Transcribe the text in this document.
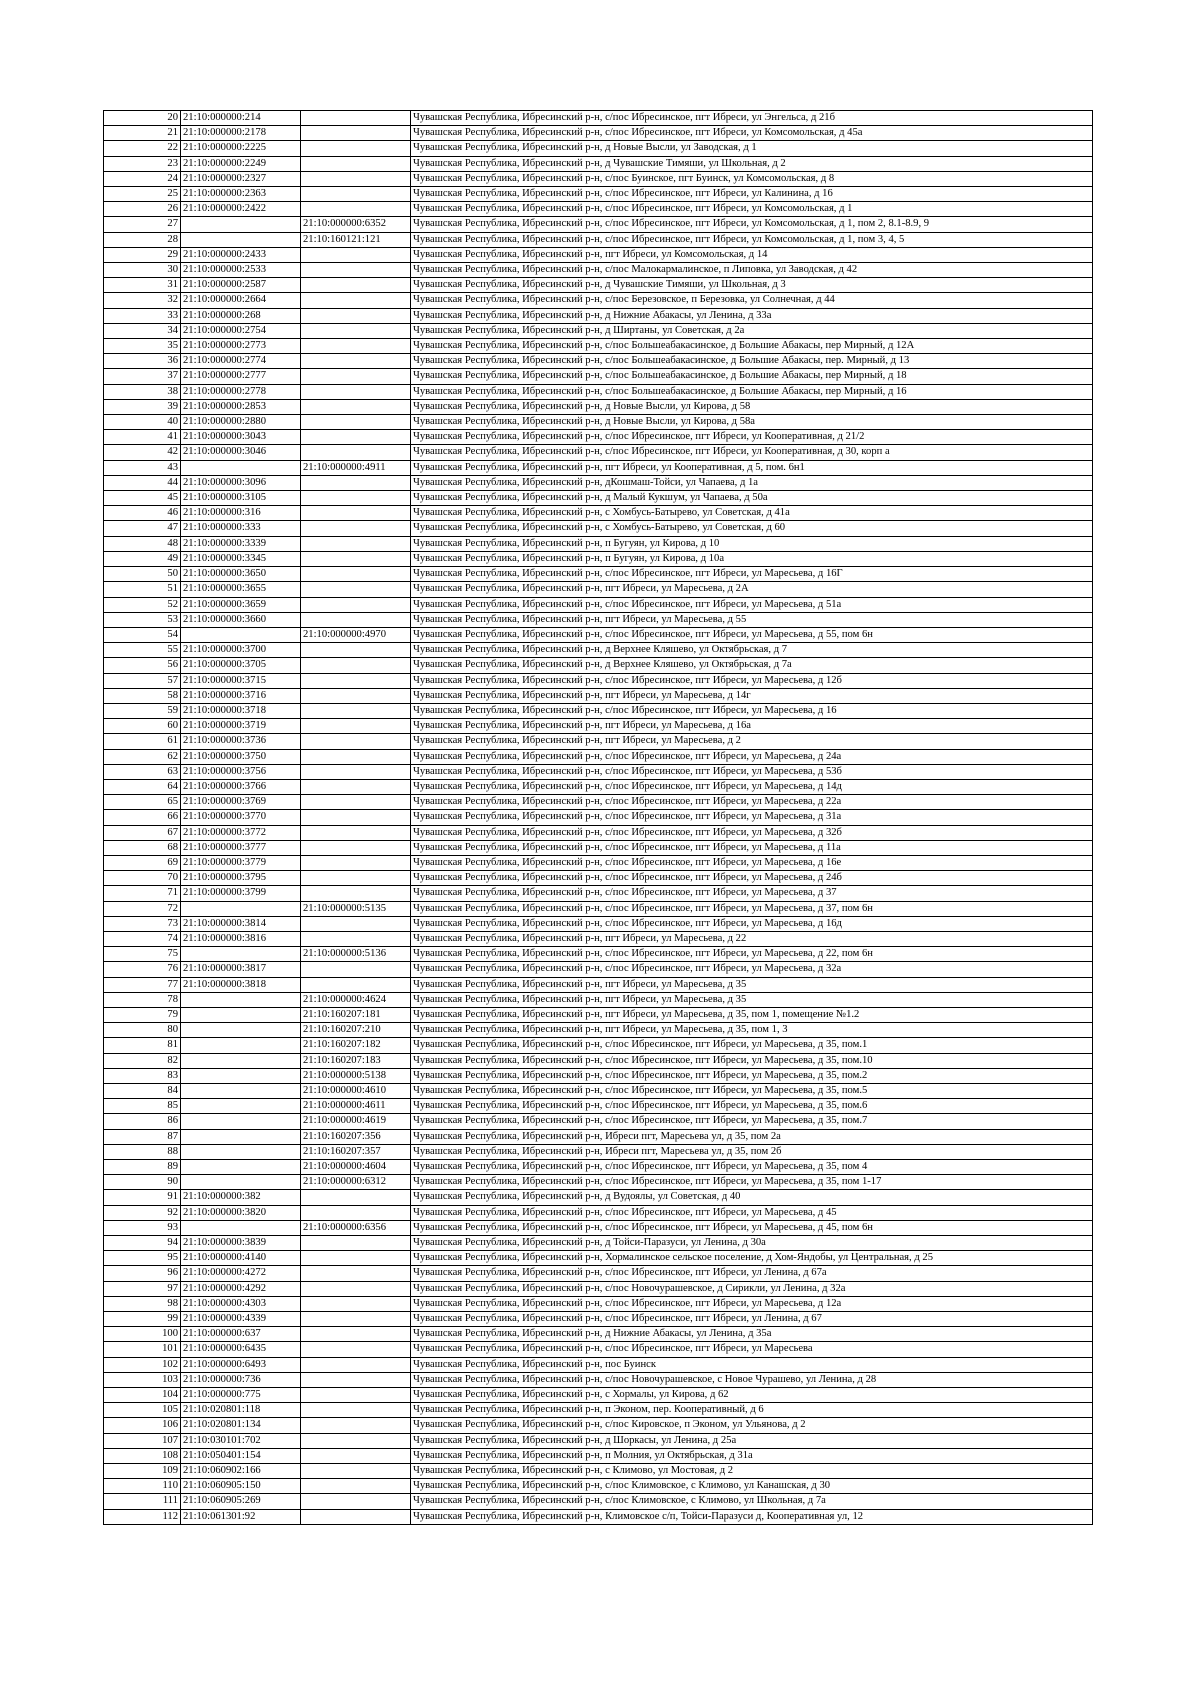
20	21:10:000000:214		Чувашская Республика, Ибресинский р-н, с/пос Ибресинское, пгт Ибреси, ул Энгельса, д 21б
21	21:10:000000:2178		Чувашская Республика, Ибресинский р-н, с/пос Ибресинское, пгт Ибреси, ул Комсомольская, д 45а
22	21:10:000000:2225		Чувашская Республика, Ибресинский р-н, д Новые Высли, ул Заводская, д 1
23	21:10:000000:2249		Чувашская Республика, Ибресинский р-н, д Чувашские Тимяши, ул Школьная, д 2
24	21:10:000000:2327		Чувашская Республика, Ибресинский р-н, с/пос Буинское, пгт Буинск, ул Комсомольская, д 8
25	21:10:000000:2363		Чувашская Республика, Ибресинский р-н, с/пос Ибресинское, пгт Ибреси, ул Калинина, д 16
26	21:10:000000:2422		Чувашская Республика, Ибресинский р-н, с/пос Ибресинское, пгт Ибреси, ул Комсомольская, д 1
27		21:10:000000:6352	Чувашская Республика, Ибресинский р-н, с/пос Ибресинское, пгт Ибреси, ул Комсомольская, д 1, пом 2, 8.1-8.9, 9
28		21:10:160121:121	Чувашская Республика, Ибресинский р-н, с/пос Ибресинское, пгт Ибреси, ул Комсомольская, д 1, пом 3, 4, 5
29	21:10:000000:2433		Чувашская Республика, Ибресинский р-н, пгт Ибреси, ул Комсомольская, д 14
30	21:10:000000:2533		Чувашская Республика, Ибресинский р-н, с/пос Малокармалинское, п Липовка, ул Заводская, д 42
31	21:10:000000:2587		Чувашская Республика, Ибресинский р-н, д Чувашские Тимяши, ул Школьная, д 3
32	21:10:000000:2664		Чувашская Республика, Ибресинский р-н, с/пос Березовское, п Березовка, ул Солнечная, д 44
33	21:10:000000:268		Чувашская Республика, Ибресинский р-н, д Нижние Абакасы, ул Ленина, д 33а
34	21:10:000000:2754		Чувашская Республика, Ибресинский р-н, д Ширтаны, ул Советская, д 2а
35	21:10:000000:2773		Чувашская Республика, Ибресинский р-н, с/пос Большеабакасинское, д Большие Абакасы, пер Мирный, д 12А
36	21:10:000000:2774		Чувашская Республика, Ибресинский р-н, с/пос Большеабакасинское, д Большие Абакасы, пер. Мирный, д 13
37	21:10:000000:2777		Чувашская Республика, Ибресинский р-н, с/пос Большеабакасинское, д Большие Абакасы, пер Мирный, д 18
38	21:10:000000:2778		Чувашская Республика, Ибресинский р-н, с/пос Большеабакасинское, д Большие Абакасы, пер Мирный, д 16
39	21:10:000000:2853		Чувашская Республика, Ибресинский р-н, д Новые Высли, ул Кирова, д 58
40	21:10:000000:2880		Чувашская Республика, Ибресинский р-н, д Новые Высли, ул Кирова, д 58а
41	21:10:000000:3043		Чувашская Республика, Ибресинский р-н, с/пос Ибресинское, пгт Ибреси, ул Кооперативная, д 21/2
42	21:10:000000:3046		Чувашская Республика, Ибресинский р-н, с/пос Ибресинское, пгт Ибреси, ул Кооперативная, д 30, корп а
43		21:10:000000:4911	Чувашская Республика, Ибресинский р-н, пгт Ибреси, ул Кооперативная, д 5, пом. 6н1
44	21:10:000000:3096		Чувашская Республика, Ибресинский р-н, дКошмаш-Тойси, ул Чапаева, д 1а
45	21:10:000000:3105		Чувашская Республика, Ибресинский р-н, д Малый Кукшум, ул Чапаева, д 50а
46	21:10:000000:316		Чувашская Республика, Ибресинский р-н, с Хомбусь-Батырево, ул Советская, д 41а
47	21:10:000000:333		Чувашская Республика, Ибресинский р-н, с Хомбусь-Батырево, ул Советская, д 60
48	21:10:000000:3339		Чувашская Республика, Ибресинский р-н, п Бугуян, ул Кирова, д 10
49	21:10:000000:3345		Чувашская Республика, Ибресинский р-н, п Бугуян, ул Кирова, д 10а
50	21:10:000000:3650		Чувашская Республика, Ибресинский р-н, с/пос Ибресинское, пгт Ибреси, ул Маресьева, д 16Г
51	21:10:000000:3655		Чувашская Республика, Ибресинский р-н, пгт Ибреси, ул Маресьева, д 2А
52	21:10:000000:3659		Чувашская Республика, Ибресинский р-н, с/пос Ибресинское, пгт Ибреси, ул Маресьева, д 51а
53	21:10:000000:3660		Чувашская Республика, Ибресинский р-н, пгт Ибреси, ул Маресьева, д 55
54		21:10:000000:4970	Чувашская Республика, Ибресинский р-н, с/пос Ибресинское, пгт Ибреси, ул Маресьева, д 55, пом 6н
55	21:10:000000:3700		Чувашская Республика, Ибресинский р-н, д Верхнее Кляшево, ул Октябрьская, д 7
56	21:10:000000:3705		Чувашская Республика, Ибресинский р-н, д Верхнее Кляшево, ул Октябрьская, д 7а
57	21:10:000000:3715		Чувашская Республика, Ибресинский р-н, с/пос Ибресинское, пгт Ибреси, ул Маресьева, д 12б
58	21:10:000000:3716		Чувашская Республика, Ибресинский р-н, пгт Ибреси, ул Маресьева, д 14г
59	21:10:000000:3718		Чувашская Республика, Ибресинский р-н, с/пос Ибресинское, пгт Ибреси, ул Маресьева, д 16
60	21:10:000000:3719		Чувашская Республика, Ибресинский р-н, пгт Ибреси, ул Маресьева, д 16а
61	21:10:000000:3736		Чувашская Республика, Ибресинский р-н, пгт Ибреси, ул Маресьева, д 2
62	21:10:000000:3750		Чувашская Республика, Ибресинский р-н, с/пос Ибресинское, пгт Ибреси, ул Маресьева, д 24а
63	21:10:000000:3756		Чувашская Республика, Ибресинский р-н, с/пос Ибресинское, пгт Ибреси, ул Маресьева, д 53б
64	21:10:000000:3766		Чувашская Республика, Ибресинский р-н, с/пос Ибресинское, пгт Ибреси, ул Маресьева, д 14д
65	21:10:000000:3769		Чувашская Республика, Ибресинский р-н, с/пос Ибресинское, пгт Ибреси, ул Маресьева, д 22а
66	21:10:000000:3770		Чувашская Республика, Ибресинский р-н, с/пос Ибресинское, пгт Ибреси, ул Маресьева, д 31а
67	21:10:000000:3772		Чувашская Республика, Ибресинский р-н, с/пос Ибресинское, пгт Ибреси, ул Маресьева, д 32б
68	21:10:000000:3777		Чувашская Республика, Ибресинский р-н, с/пос Ибресинское, пгт Ибреси, ул Маресьева, д 11а
69	21:10:000000:3779		Чувашская Республика, Ибресинский р-н, с/пос Ибресинское, пгт Ибреси, ул Маресьева, д 16е
70	21:10:000000:3795		Чувашская Республика, Ибресинский р-н, с/пос Ибресинское, пгт Ибреси, ул Маресьева, д 24б
71	21:10:000000:3799		Чувашская Республика, Ибресинский р-н, с/пос Ибресинское, пгт Ибреси, ул Маресьева, д 37
72		21:10:000000:5135	Чувашская Республика, Ибресинский р-н, с/пос Ибресинское, пгт Ибреси, ул Маресьева, д 37, пом 6н
73	21:10:000000:3814		Чувашская Республика, Ибресинский р-н, с/пос Ибресинское, пгт Ибреси, ул Маресьева, д 16д
74	21:10:000000:3816		Чувашская Республика, Ибресинский р-н, пгт Ибреси, ул Маресьева, д 22
75		21:10:000000:5136	Чувашская Республика, Ибресинский р-н, с/пос Ибресинское, пгт Ибреси, ул Маресьева, д 22, пом 6н
76	21:10:000000:3817		Чувашская Республика, Ибресинский р-н, с/пос Ибресинское, пгт Ибреси, ул Маресьева, д 32а
77	21:10:000000:3818		Чувашская Республика, Ибресинский р-н, пгт Ибреси, ул Маресьева, д 35
78		21:10:000000:4624	Чувашская Республика, Ибресинский р-н, пгт Ибреси, ул Маресьева, д 35
79		21:10:160207:181	Чувашская Республика, Ибресинский р-н, пгт Ибреси, ул Маресьева, д 35, пом 1, помещение №1.2
80		21:10:160207:210	Чувашская Республика, Ибресинский р-н, пгт Ибреси, ул Маресьева, д 35, пом 1, 3
81		21:10:160207:182	Чувашская Республика, Ибресинский р-н, с/пос Ибресинское, пгт Ибреси, ул Маресьева, д 35, пом.1
82		21:10:160207:183	Чувашская Республика, Ибресинский р-н, с/пос Ибресинское, пгт Ибреси, ул Маресьева, д 35, пом.10
83		21:10:000000:5138	Чувашская Республика, Ибресинский р-н, с/пос Ибресинское, пгт Ибреси, ул Маресьева, д 35, пом.2
84		21:10:000000:4610	Чувашская Республика, Ибресинский р-н, с/пос Ибресинское, пгт Ибреси, ул Маресьева, д 35, пом.5
85		21:10:000000:4611	Чувашская Республика, Ибресинский р-н, с/пос Ибресинское, пгт Ибреси, ул Маресьева, д 35, пом.6
86		21:10:000000:4619	Чувашская Республика, Ибресинский р-н, с/пос Ибресинское, пгт Ибреси, ул Маресьева, д 35, пом.7
87		21:10:160207:356	Чувашская Республика, Ибресинский р-н, Ибреси пгт, Маресьева ул, д 35, пом 2а
88		21:10:160207:357	Чувашская Республика, Ибресинский р-н, Ибреси пгт, Маресьева ул, д 35, пом 2б
89		21:10:000000:4604	Чувашская Республика, Ибресинский р-н, с/пос Ибресинское, пгт Ибреси, ул Маресьева, д 35, пом 4
90		21:10:000000:6312	Чувашская Республика, Ибресинский р-н, с/пос Ибресинское, пгт Ибреси, ул Маресьева, д 35, пом 1-17
91	21:10:000000:382		Чувашская Республика, Ибресинский р-н, д Вудоялы, ул Советская, д 40
92	21:10:000000:3820		Чувашская Республика, Ибресинский р-н, с/пос Ибресинское, пгт Ибреси, ул Маресьева, д 45
93		21:10:000000:6356	Чувашская Республика, Ибресинский р-н, с/пос Ибресинское, пгт Ибреси, ул Маресьева, д 45, пом 6н
94	21:10:000000:3839		Чувашская Республика, Ибресинский р-н, д Тойси-Паразуси, ул Ленина, д 30а
95	21:10:000000:4140		Чувашская Республика, Ибресинский р-н, Хормалинское сельское поселение, д Хом-Яндобы, ул Центральная, д 25
96	21:10:000000:4272		Чувашская Республика, Ибресинский р-н, с/пос Ибресинское, пгт Ибреси, ул Ленина, д 67а
97	21:10:000000:4292		Чувашская Республика, Ибресинский р-н, с/пос Новочурашевское, д Сирикли, ул Ленина, д 32а
98	21:10:000000:4303		Чувашская Республика, Ибресинский р-н, с/пос Ибресинское, пгт Ибреси, ул Маресьева, д 12а
99	21:10:000000:4339		Чувашская Республика, Ибресинский р-н, с/пос Ибресинское, пгт Ибреси, ул Ленина, д 67
100	21:10:000000:637		Чувашская Республика, Ибресинский р-н, д Нижние Абакасы, ул Ленина, д 35а
101	21:10:000000:6435		Чувашская Республика, Ибресинский р-н, с/пос Ибресинское, пгт Ибреси, ул Маресьева
102	21:10:000000:6493		Чувашская Республика, Ибресинский р-н, пос Буинск
103	21:10:000000:736		Чувашская Республика, Ибресинский р-н, с/пос Новочурашевское, с Новое Чурашево, ул Ленина, д 28
104	21:10:000000:775		Чувашская Республика, Ибресинский р-н, с Хормалы, ул Кирова, д 62
105	21:10:020801:118		Чувашская Республика, Ибресинский р-н, п Эконом, пер. Кооперативный, д 6
106	21:10:020801:134		Чувашская Республика, Ибресинский р-н, с/пос Кировское, п Эконом, ул Ульянова, д 2
107	21:10:030101:702		Чувашская Республика, Ибресинский р-н, д Шоркасы, ул Ленина, д 25а
108	21:10:050401:154		Чувашская Республика, Ибресинский р-н, п Молния, ул Октябрьская, д 31а
109	21:10:060902:166		Чувашская Республика, Ибресинский р-н, с Климово, ул Мостовая, д 2
110	21:10:060905:150		Чувашская Республика, Ибресинский р-н, с/пос Климовское, с Климово, ул Канашская, д 30
111	21:10:060905:269		Чувашская Республика, Ибресинский р-н, с/пос Климовское, с Климово, ул Школьная, д 7а
112	21:10:061301:92		Чувашская Республика, Ибресинский р-н, Климовское с/п, Тойси-Паразуси д, Кооперативная ул, 12
